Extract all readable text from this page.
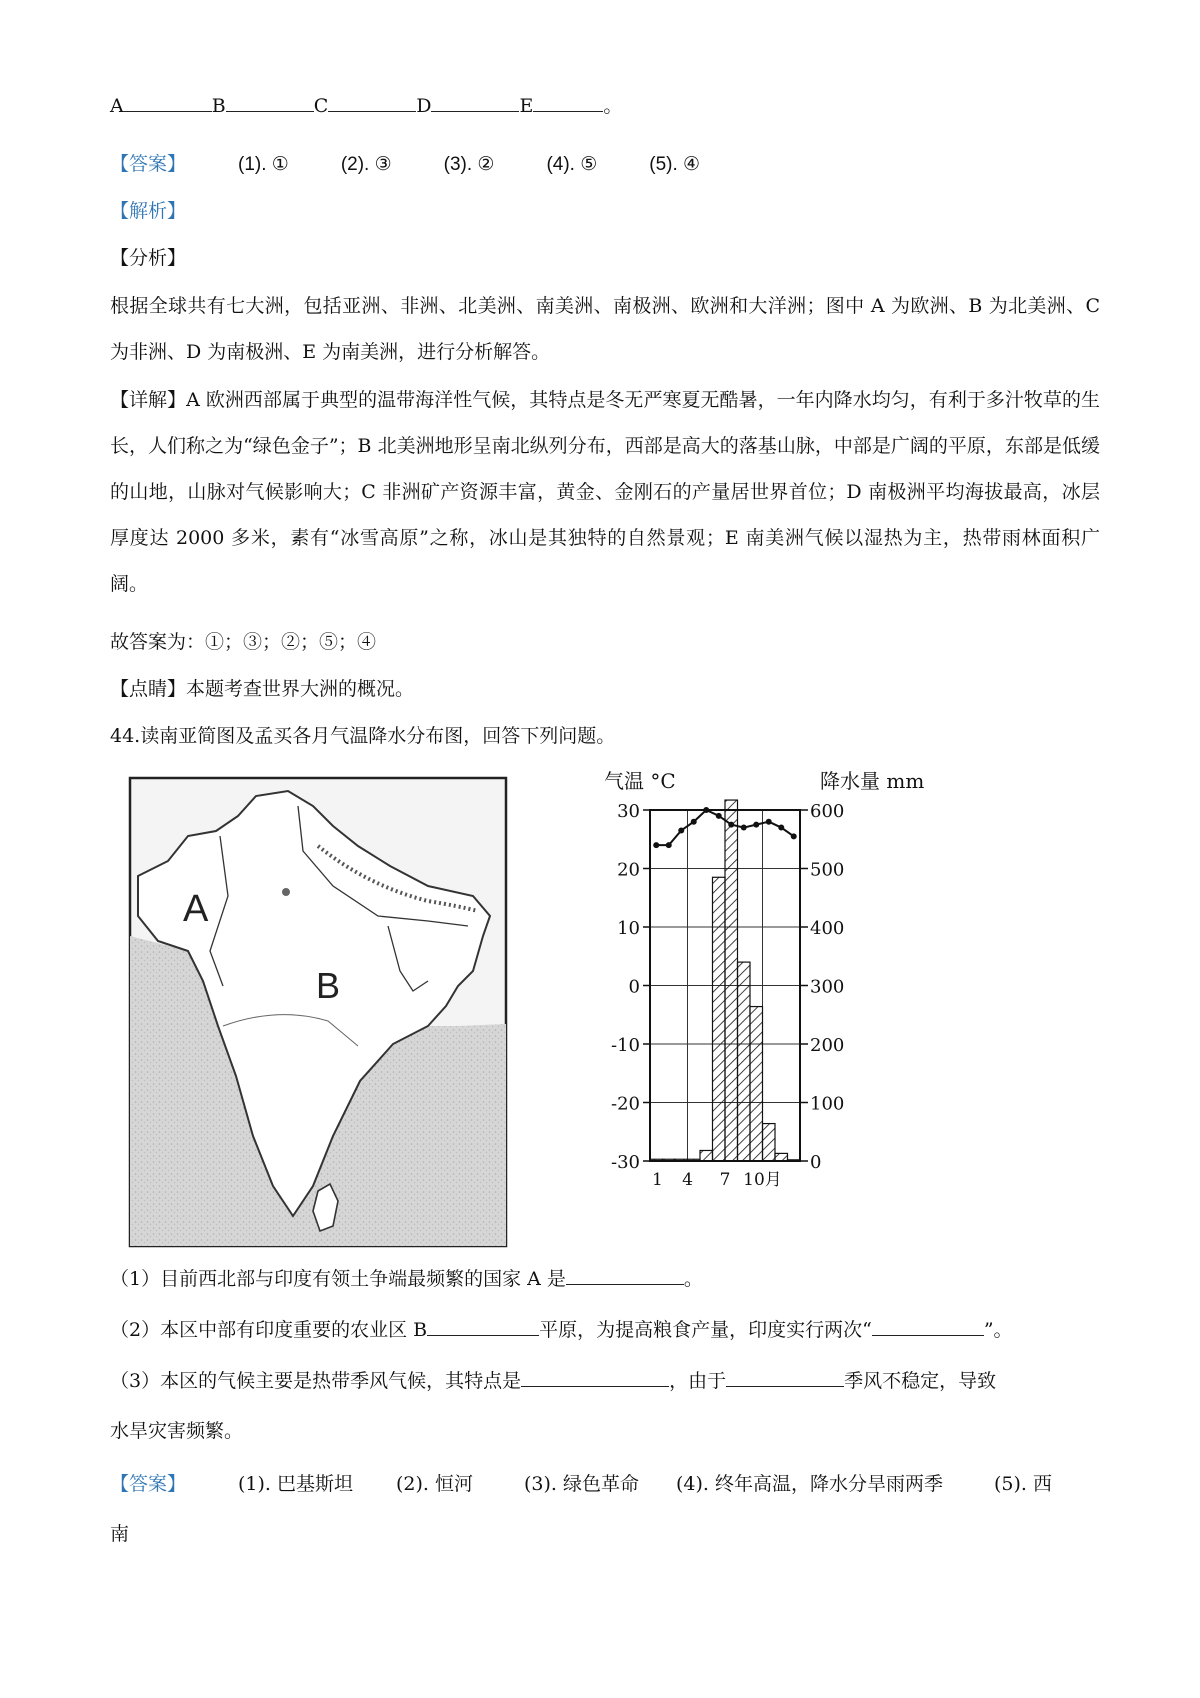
A	B	C	D	E	。
【答案】	(1). ①	(2). ③	(3). ②	(4). ⑤	(5). ④
【解析】
【分析】
根据全球共有七大洲，包括亚洲、非洲、北美洲、南美洲、南极洲、欧洲和大洋洲；图中 A 为欧洲、B 为北美洲、C 为非洲、D 为南极洲、E 为南美洲，进行分析解答。
【详解】A 欧洲西部属于典型的温带海洋性气候，其特点是冬无严寒夏无酷暑，一年内降水均匀，有利于多汁牧草的生长，人们称之为“绿色金子”；B 北美洲地形呈南北纵列分布，西部是高大的落基山脉，中部是广阔的平原，东部是低缓的山地，山脉对气候影响大；C 非洲矿产资源丰富，黄金、金刚石的产量居世界首位；D 南极洲平均海拔最高，冰层厚度达 2000 多米，素有“冰雪高原”之称，冰山是其独特的自然景观；E 南美洲气候以湿热为主，热带雨林面积广阔。
故答案为：①；③；②；⑤；④
【点睛】本题考查世界大洲的概况。
44.读南亚简图及孟买各月气温降水分布图，回答下列问题。
A
B
气温 °C	降水量 mm
30
20
10
0
-10
-20
-30
600
500
400
300
200
100
0
1 4 7 10月
（1）目前西北部与印度有领土争端最频繁的国家 A 是	。
（2）本区中部有印度重要的农业区 B	平原，为提高粮食产量，印度实行两次“	”。
（3）本区的气候主要是热带季风气候，其特点是	，由于	季风不稳定，导致
水旱灾害频繁。
【答案】	(1). 巴基斯坦 (2). 恒河	(3). 绿色革命 (4). 终年高温，降水分旱雨两季	(5). 西
南
